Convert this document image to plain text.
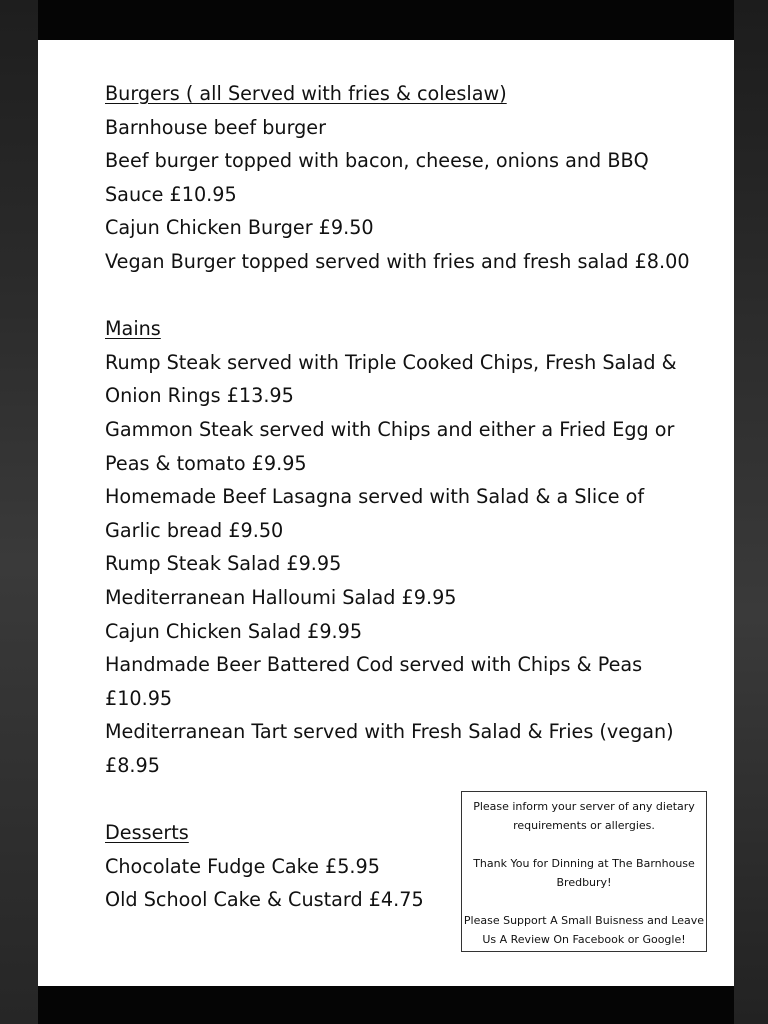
Burgers ( all Served with fries & coleslaw)
Barnhouse beef burger
Beef burger topped with bacon, cheese, onions and BBQ
Sauce £10.95
Cajun Chicken Burger £9.50
Vegan Burger topped served with fries and fresh salad £8.00
Mains
Rump Steak served with Triple Cooked Chips, Fresh Salad &
Onion Rings £13.95
Gammon Steak served with Chips and either a Fried Egg or
Peas & tomato £9.95
Homemade Beef Lasagna served with Salad & a Slice of
Garlic bread £9.50
Rump Steak Salad £9.95
Mediterranean Halloumi Salad £9.95
Cajun Chicken Salad £9.95
Handmade Beer Battered Cod served with Chips & Peas
£10.95
Mediterranean Tart served with Fresh Salad & Fries (vegan)
£8.95
Desserts
Chocolate Fudge Cake £5.95
Old School Cake & Custard £4.75

Please inform your server of any dietary

requirements or allergies.

Thank You for Dinning at The Barnhouse

Bredbury!

Please Support A Small Buisness and Leave

Us A Review On Facebook or Google!
